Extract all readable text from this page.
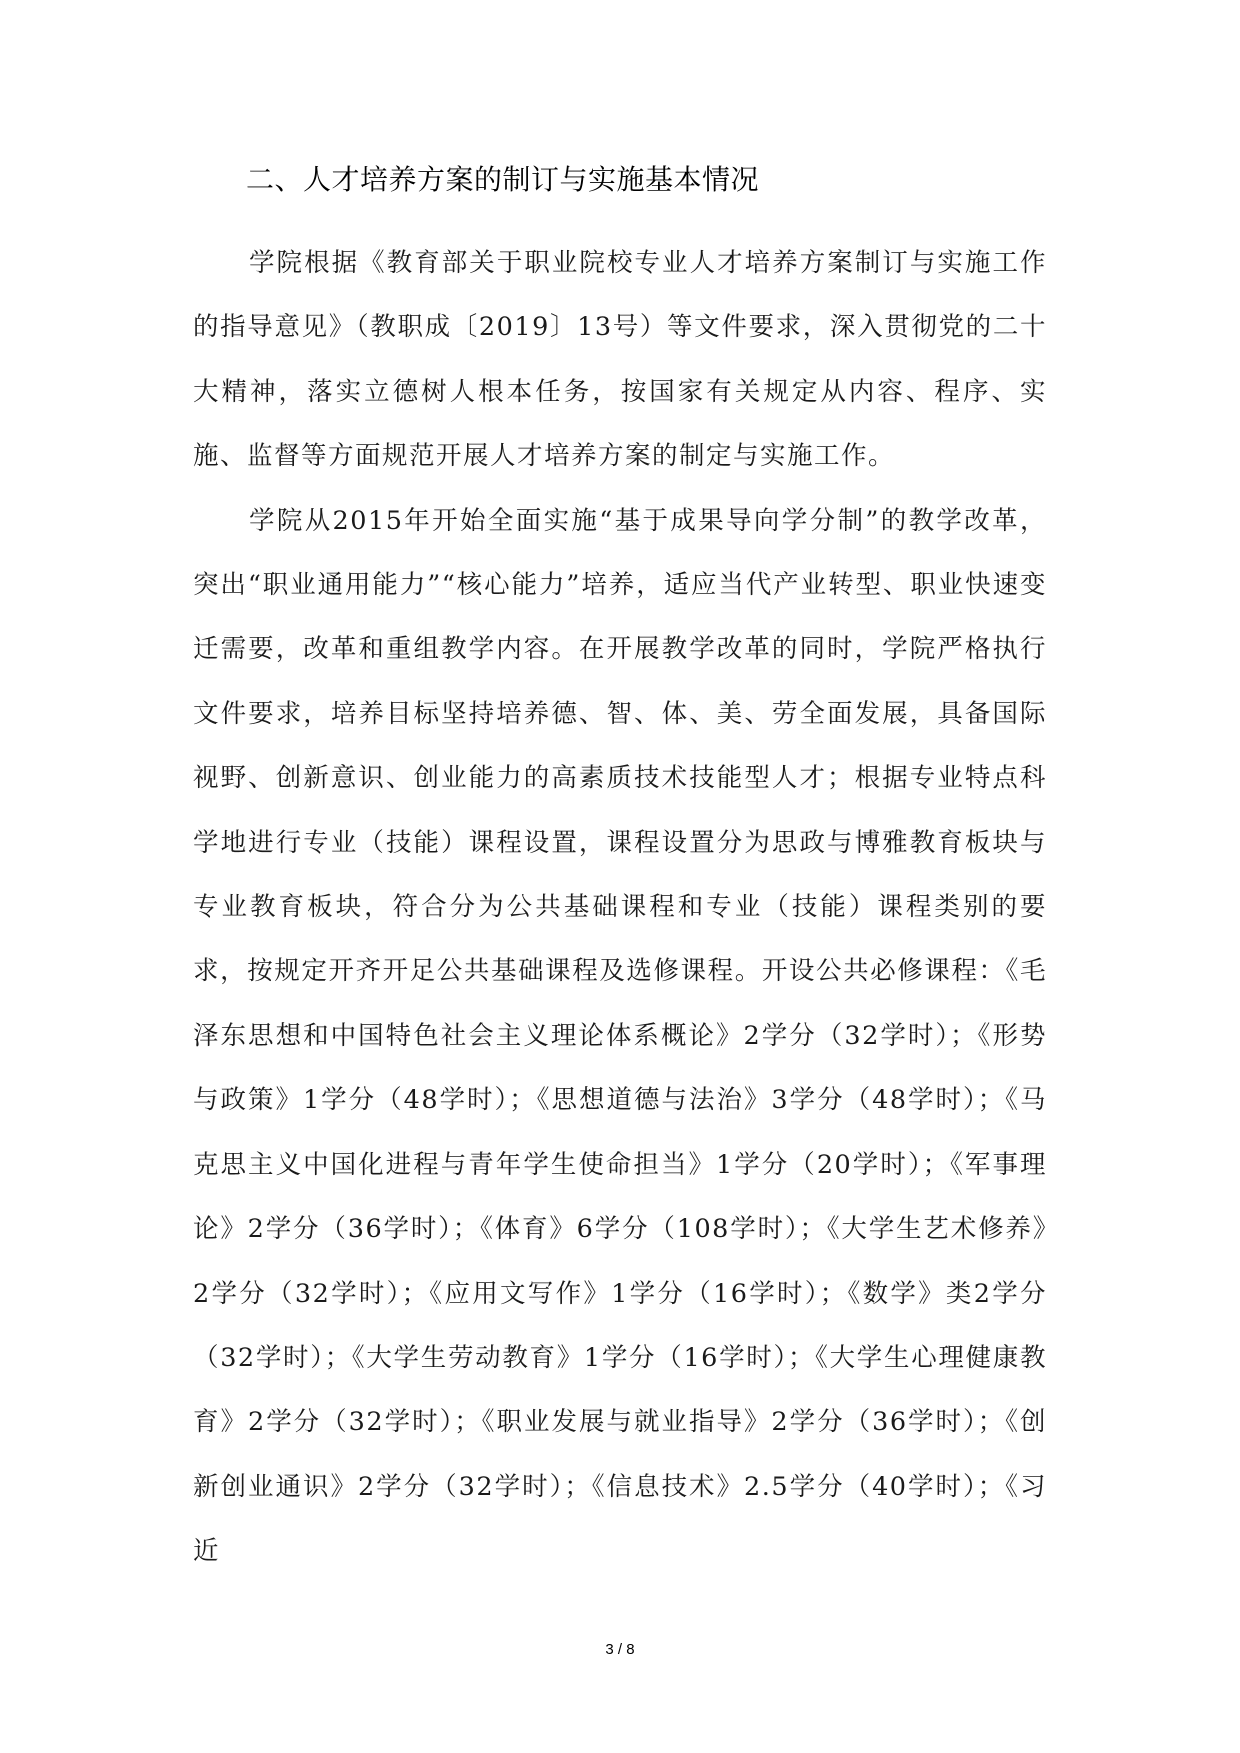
二、人才培养方案的制订与实施基本情况

学院根据《教育部关于职业院校专业人才培养方案制订与实施工作的指导意见》（教职成〔2019〕13号）等文件要求，深入贯彻党的二十大精神，落实立德树人根本任务，按国家有关规定从内容、程序、实施、监督等方面规范开展人才培养方案的制定与实施工作。

学院从2015年开始全面实施“基于成果导向学分制”的教学改革，突出“职业通用能力”“核心能力”培养，适应当代产业转型、职业快速变迁需要，改革和重组教学内容。在开展教学改革的同时，学院严格执行文件要求，培养目标坚持培养德、智、体、美、劳全面发展，具备国际视野、创新意识、创业能力的高素质技术技能型人才；根据专业特点科学地进行专业（技能）课程设置，课程设置分为思政与博雅教育板块与专业教育板块，符合分为公共基础课程和专业（技能）课程类别的要求，按规定开齐开足公共基础课程及选修课程。开设公共必修课程：《毛泽东思想和中国特色社会主义理论体系概论》2学分（32学时）；《形势与政策》1学分（48学时）；《思想道德与法治》3学分（48学时）；《马克思主义中国化进程与青年学生使命担当》1学分（20学时）；《军事理论》2学分（36学时）；《体育》6学分（108学时）；《大学生艺术修养》2学分（32学时）；《应用文写作》1学分（16学时）；《数学》类2学分（32学时）；《大学生劳动教育》1学分（16学时）；《大学生心理健康教育》2学分（32学时）；《职业发展与就业指导》2学分（36学时）；《创新创业通识》2学分（32学时）；《信息技术》2.5学分（40学时）；《习近

3 / 8
